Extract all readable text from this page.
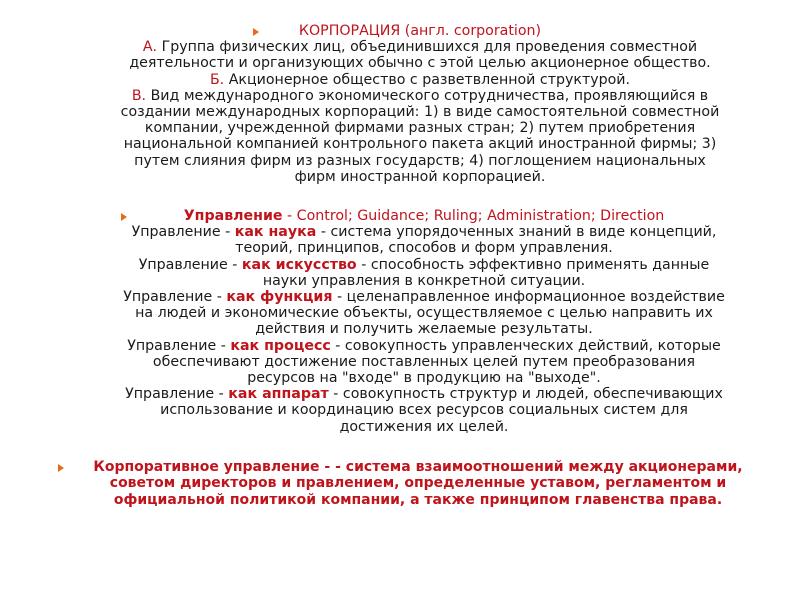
КОРПОРАЦИЯ (англ. corporation)
А. Группа физических лиц, объединившихся для проведения совместной
деятельности и организующих обычно с этой целью акционерное общество.
Б. Акционерное общество с разветвленной структурой.
В. Вид международного экономического сотрудничества, проявляющийся в
создании международных корпораций: 1) в виде самостоятельной совместной
компании, учрежденной фирмами разных стран; 2) путем приобретения
национальной компанией контрольного пакета акций иностранной фирмы; 3)
путем слияния фирм из разных государств; 4) поглощением национальных
фирм иностранной корпорацией.
Управление - Control; Guidance; Ruling; Administration; Direction
Управление - как наука - система упорядоченных знаний в виде концепций,
теорий, принципов, способов и форм управления.
Управление - как искусство - способность эффективно применять данные
науки управления в конкретной ситуации.
Управление - как функция - целенаправленное информационное воздействие
на людей и экономические объекты, осуществляемое с целью направить их
действия и получить желаемые результаты.
Управление - как процесс - совокупность управленческих действий, которые
обеспечивают достижение поставленных целей путем преобразования
ресурсов на "входе" в продукцию на "выходе".
Управление - как аппарат - совокупность структур и людей, обеспечивающих
использование и координацию всех ресурсов социальных систем для
достижения их целей.
Корпоративное управление - - система взаимоотношений между акционерами,
советом директоров и правлением, определенные уставом, регламентом и
официальной политикой компании, а также принципом главенства права.
